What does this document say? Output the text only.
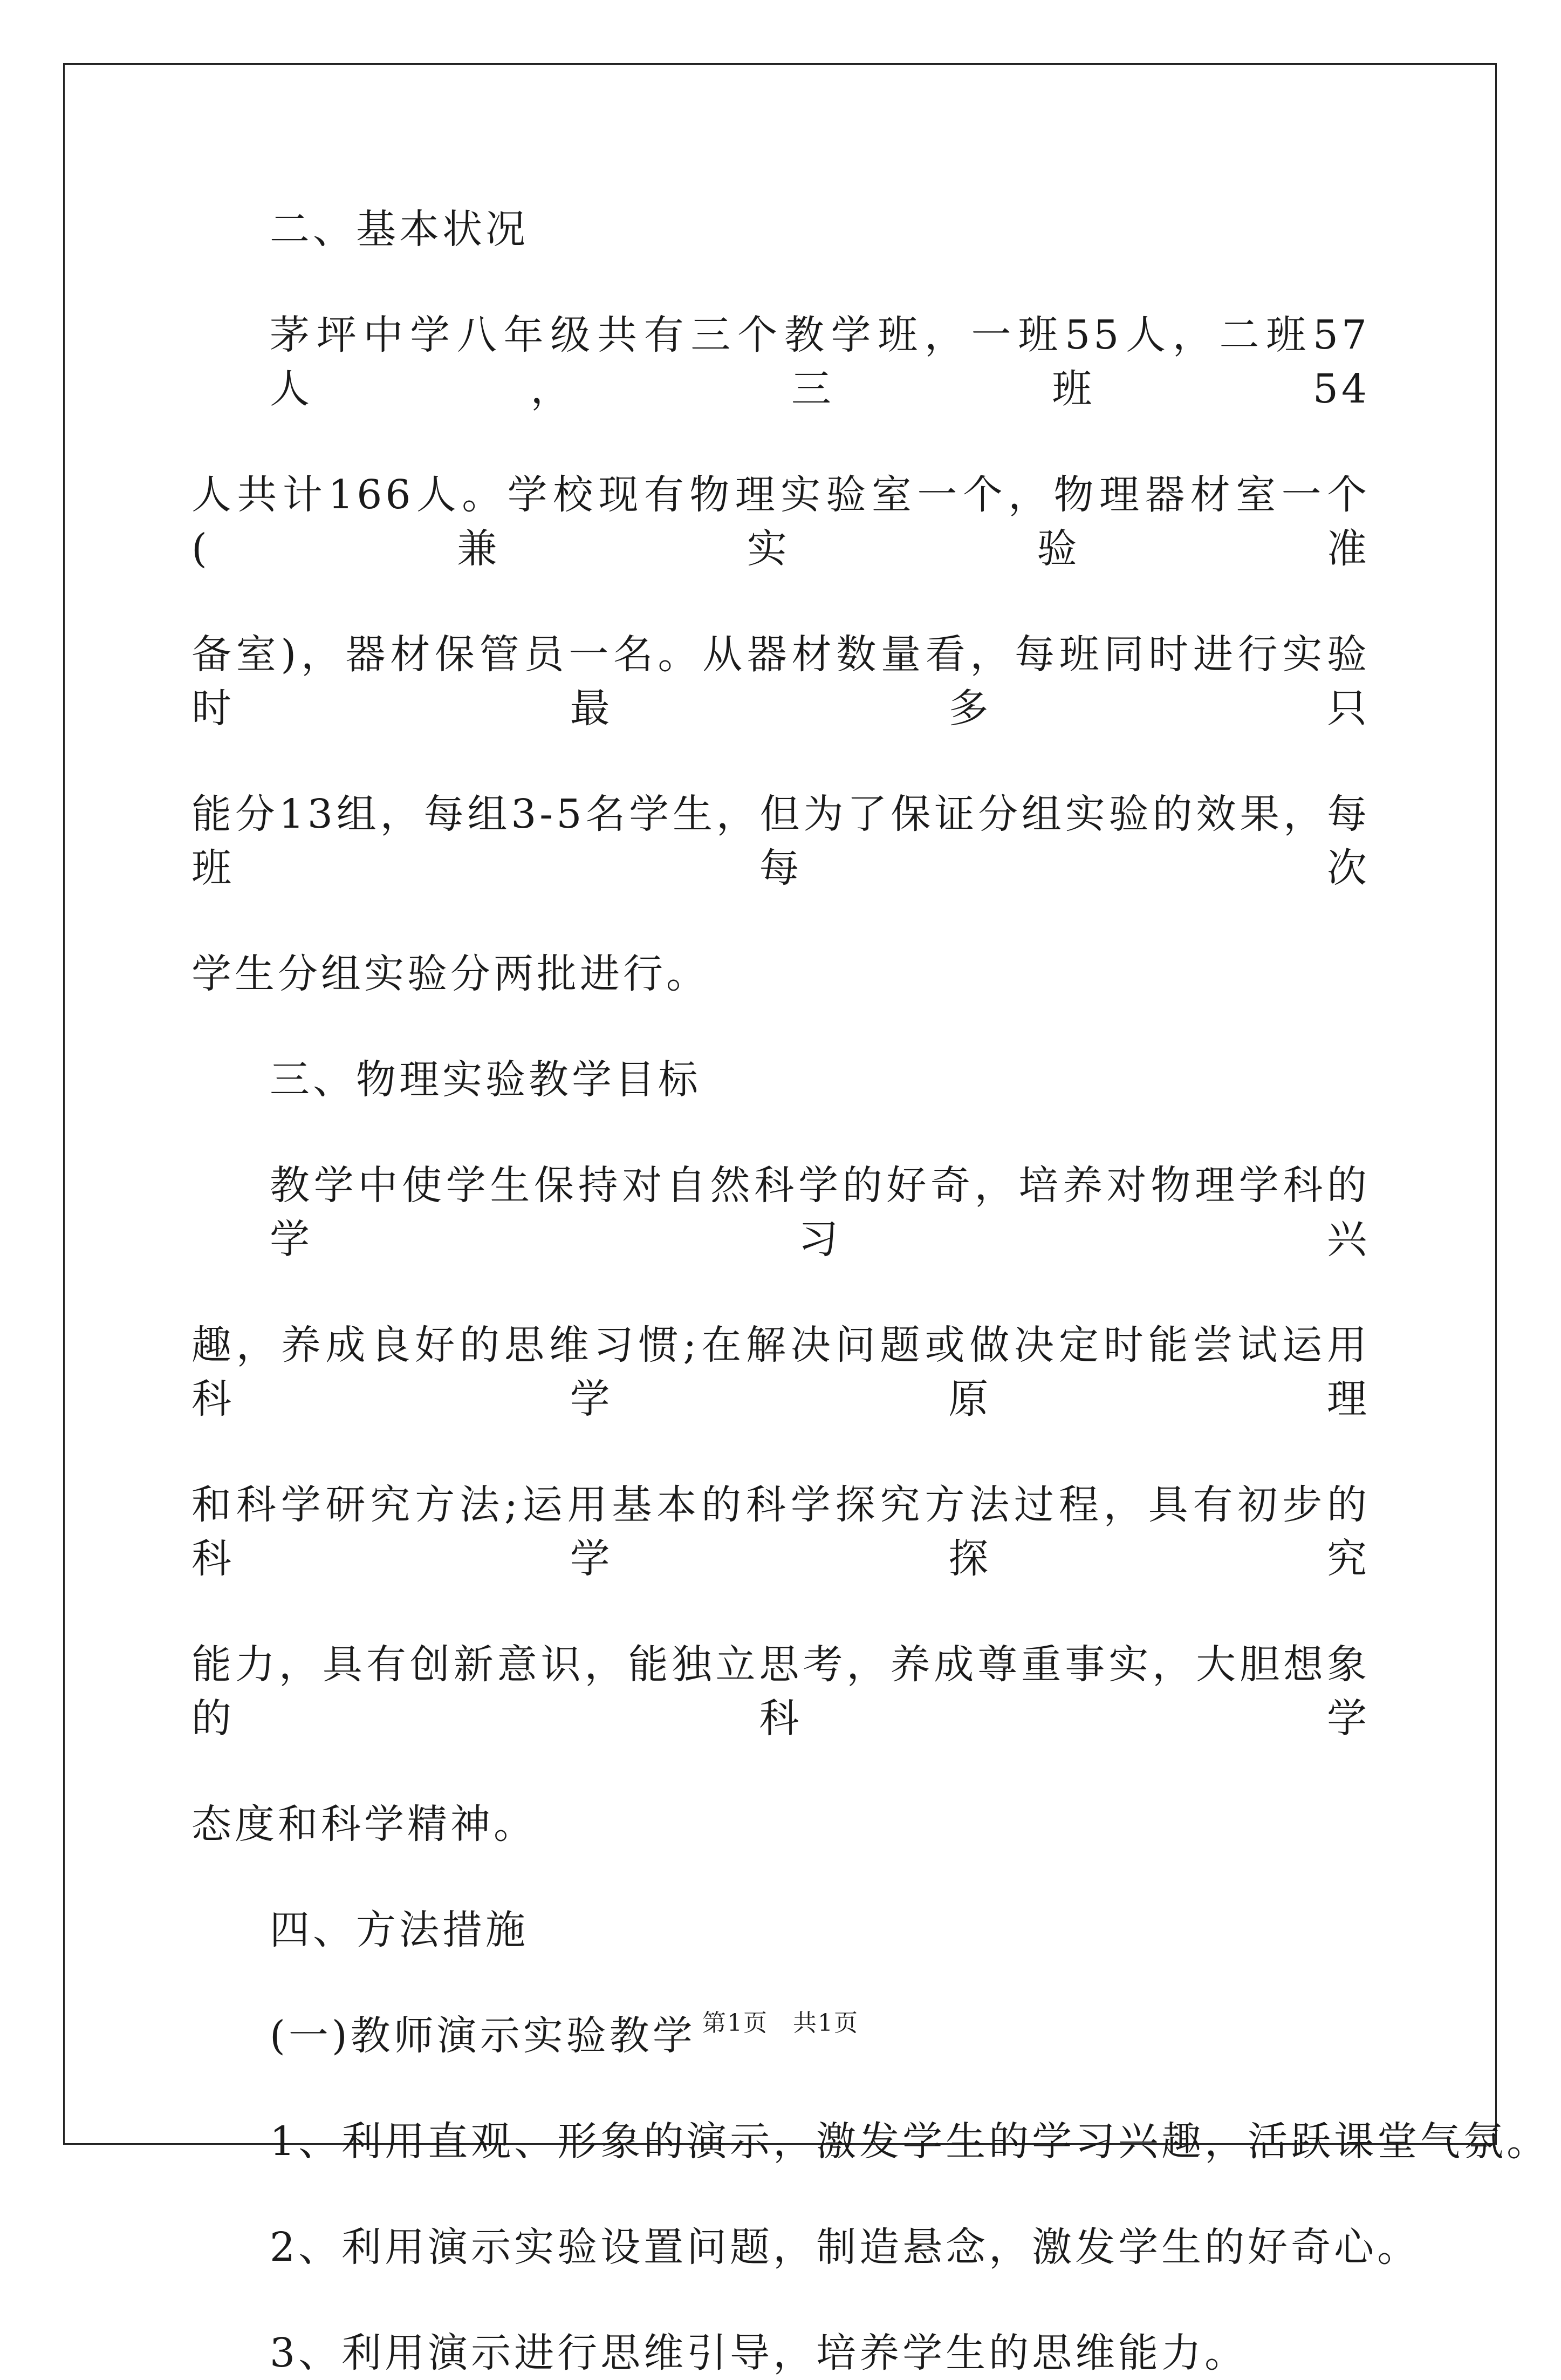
二、基本状况

茅坪中学八年级共有三个教学班，一班55人，二班57人，三班54

人共计166人。学校现有物理实验室一个，物理器材室一个(兼实验准

备室)，器材保管员一名。从器材数量看，每班同时进行实验时最多只

能分13组，每组3-5名学生，但为了保证分组实验的效果，每班每次

学生分组实验分两批进行。

三、物理实验教学目标

教学中使学生保持对自然科学的好奇，培养对物理学科的学习兴

趣，养成良好的思维习惯;在解决问题或做决定时能尝试运用科学原理

和科学研究方法;运用基本的科学探究方法过程，具有初步的科学探究

能力，具有创新意识，能独立思考，养成尊重事实，大胆想象的科学

态度和科学精神。

四、方法措施

(一)教师演示实验教学

1、利用直观、形象的演示，激发学生的学习兴趣，活跃课堂气氛。

2、利用演示实验设置问题，制造悬念，激发学生的好奇心。

3、利用演示进行思维引导，培养学生的思维能力。

第1页 共1页
